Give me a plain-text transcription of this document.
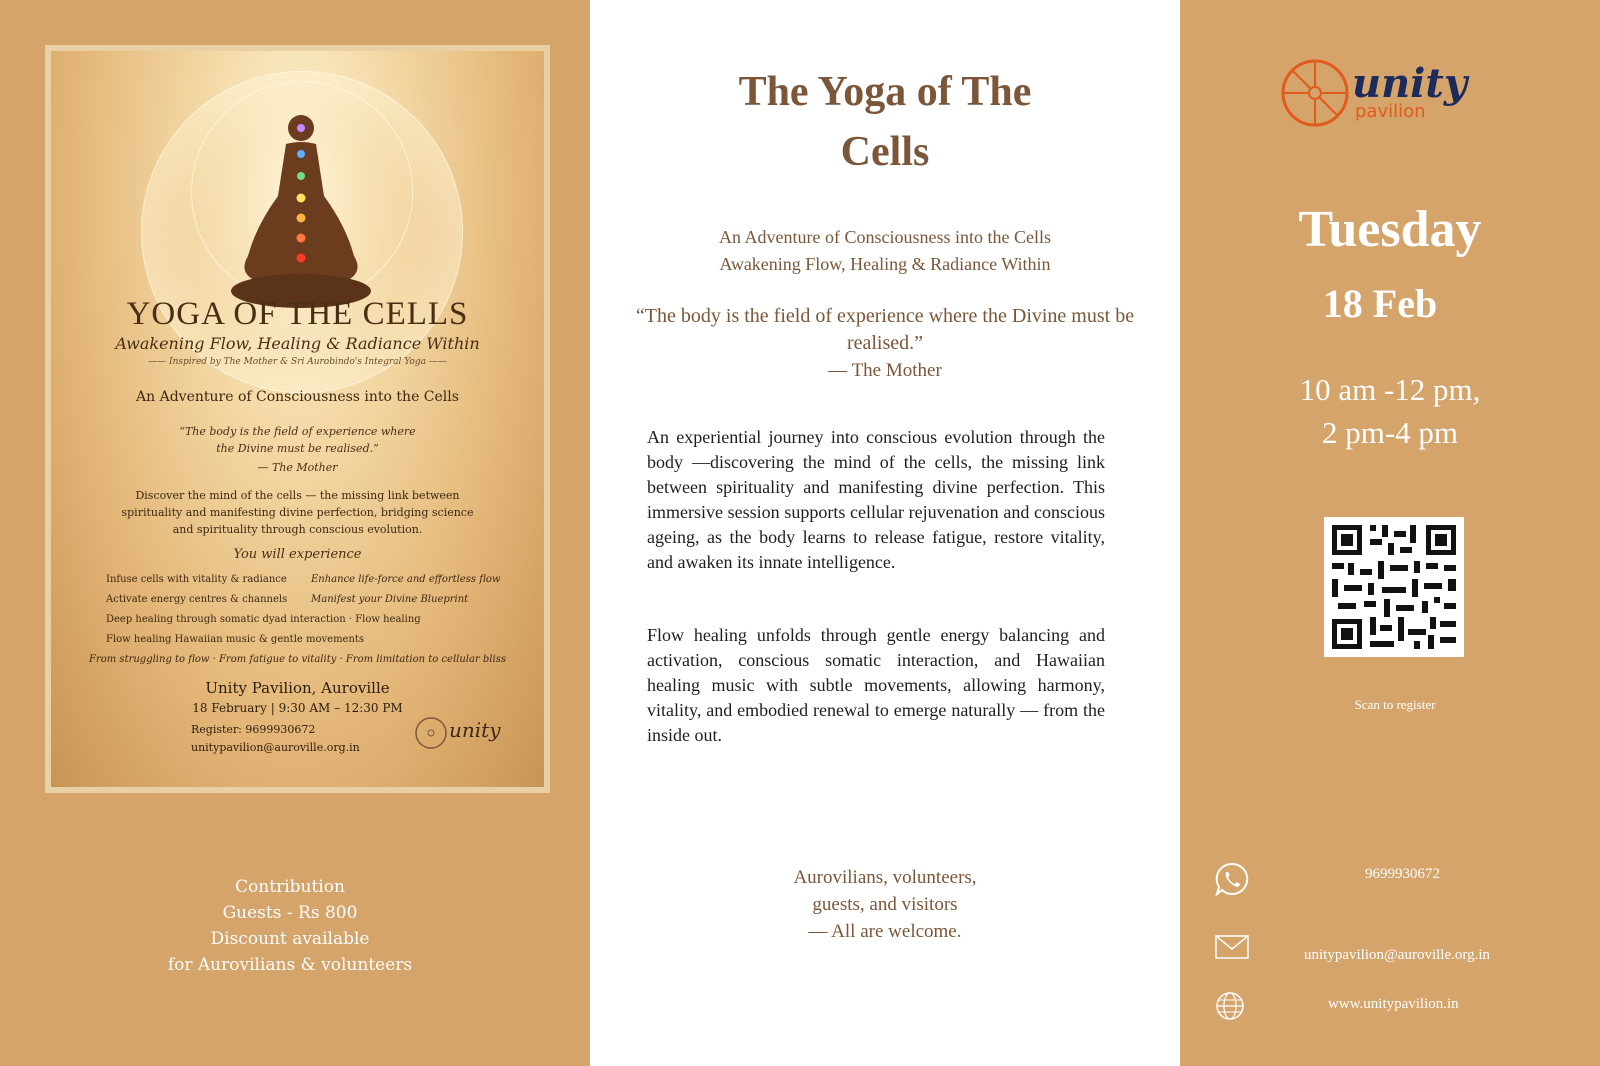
YOGA OF THE CELLS
Awakening Flow, Healing & Radiance Within
—— Inspired by The Mother & Sri Aurobindo's Integral Yoga ——
An Adventure of Consciousness into the Cells
“The body is the field of experience where the Divine must be realised.”
— The Mother
Discover the mind of the cells — the missing link between spirituality and manifesting divine perfection, bridging science and spirituality through conscious evolution.
You will experience
Infuse cells with vitality & radiance	Enhance life-force and effortless flow
Activate energy centres & channels	Manifest your Divine Blueprint
Deep healing through somatic dyad interaction · Flow healing
Flow healing Hawaiian music & gentle movements
From struggling to flow · From fatigue to vitality · From limitation to cellular bliss
Unity Pavilion, Auroville
18 February | 9:30 AM – 12:30 PM
Register: 9699930672
unitypavilion@auroville.org.in
unity
Contribution
Guests - Rs 800
Discount available
for Aurovilians & volunteers
The Yoga of The
Cells
An Adventure of Consciousness into the Cells
Awakening Flow, Healing & Radiance Within
“The body is the field of experience where the Divine must be
realised.”
— The Mother
An experiential journey into conscious evolution through the body —discovering the mind of the cells, the missing link between spirituality and manifesting divine perfection. This immersive session supports cellular rejuvenation and conscious ageing, as the body learns to release fatigue, restore vitality, and awaken its innate intelligence.
Flow healing unfolds through gentle energy balancing and activation, conscious somatic interaction, and Hawaiian healing music with subtle movements, allowing harmony, vitality, and embodied renewal to emerge naturally — from the inside out.
Aurovilians, volunteers,
guests, and visitors
— All are welcome.
unity
pavilion
Tuesday
18 Feb
10 am -12 pm,
2 pm-4 pm
Scan to register
9699930672
unitypavilion@auroville.org.in
www.unitypavilion.in
